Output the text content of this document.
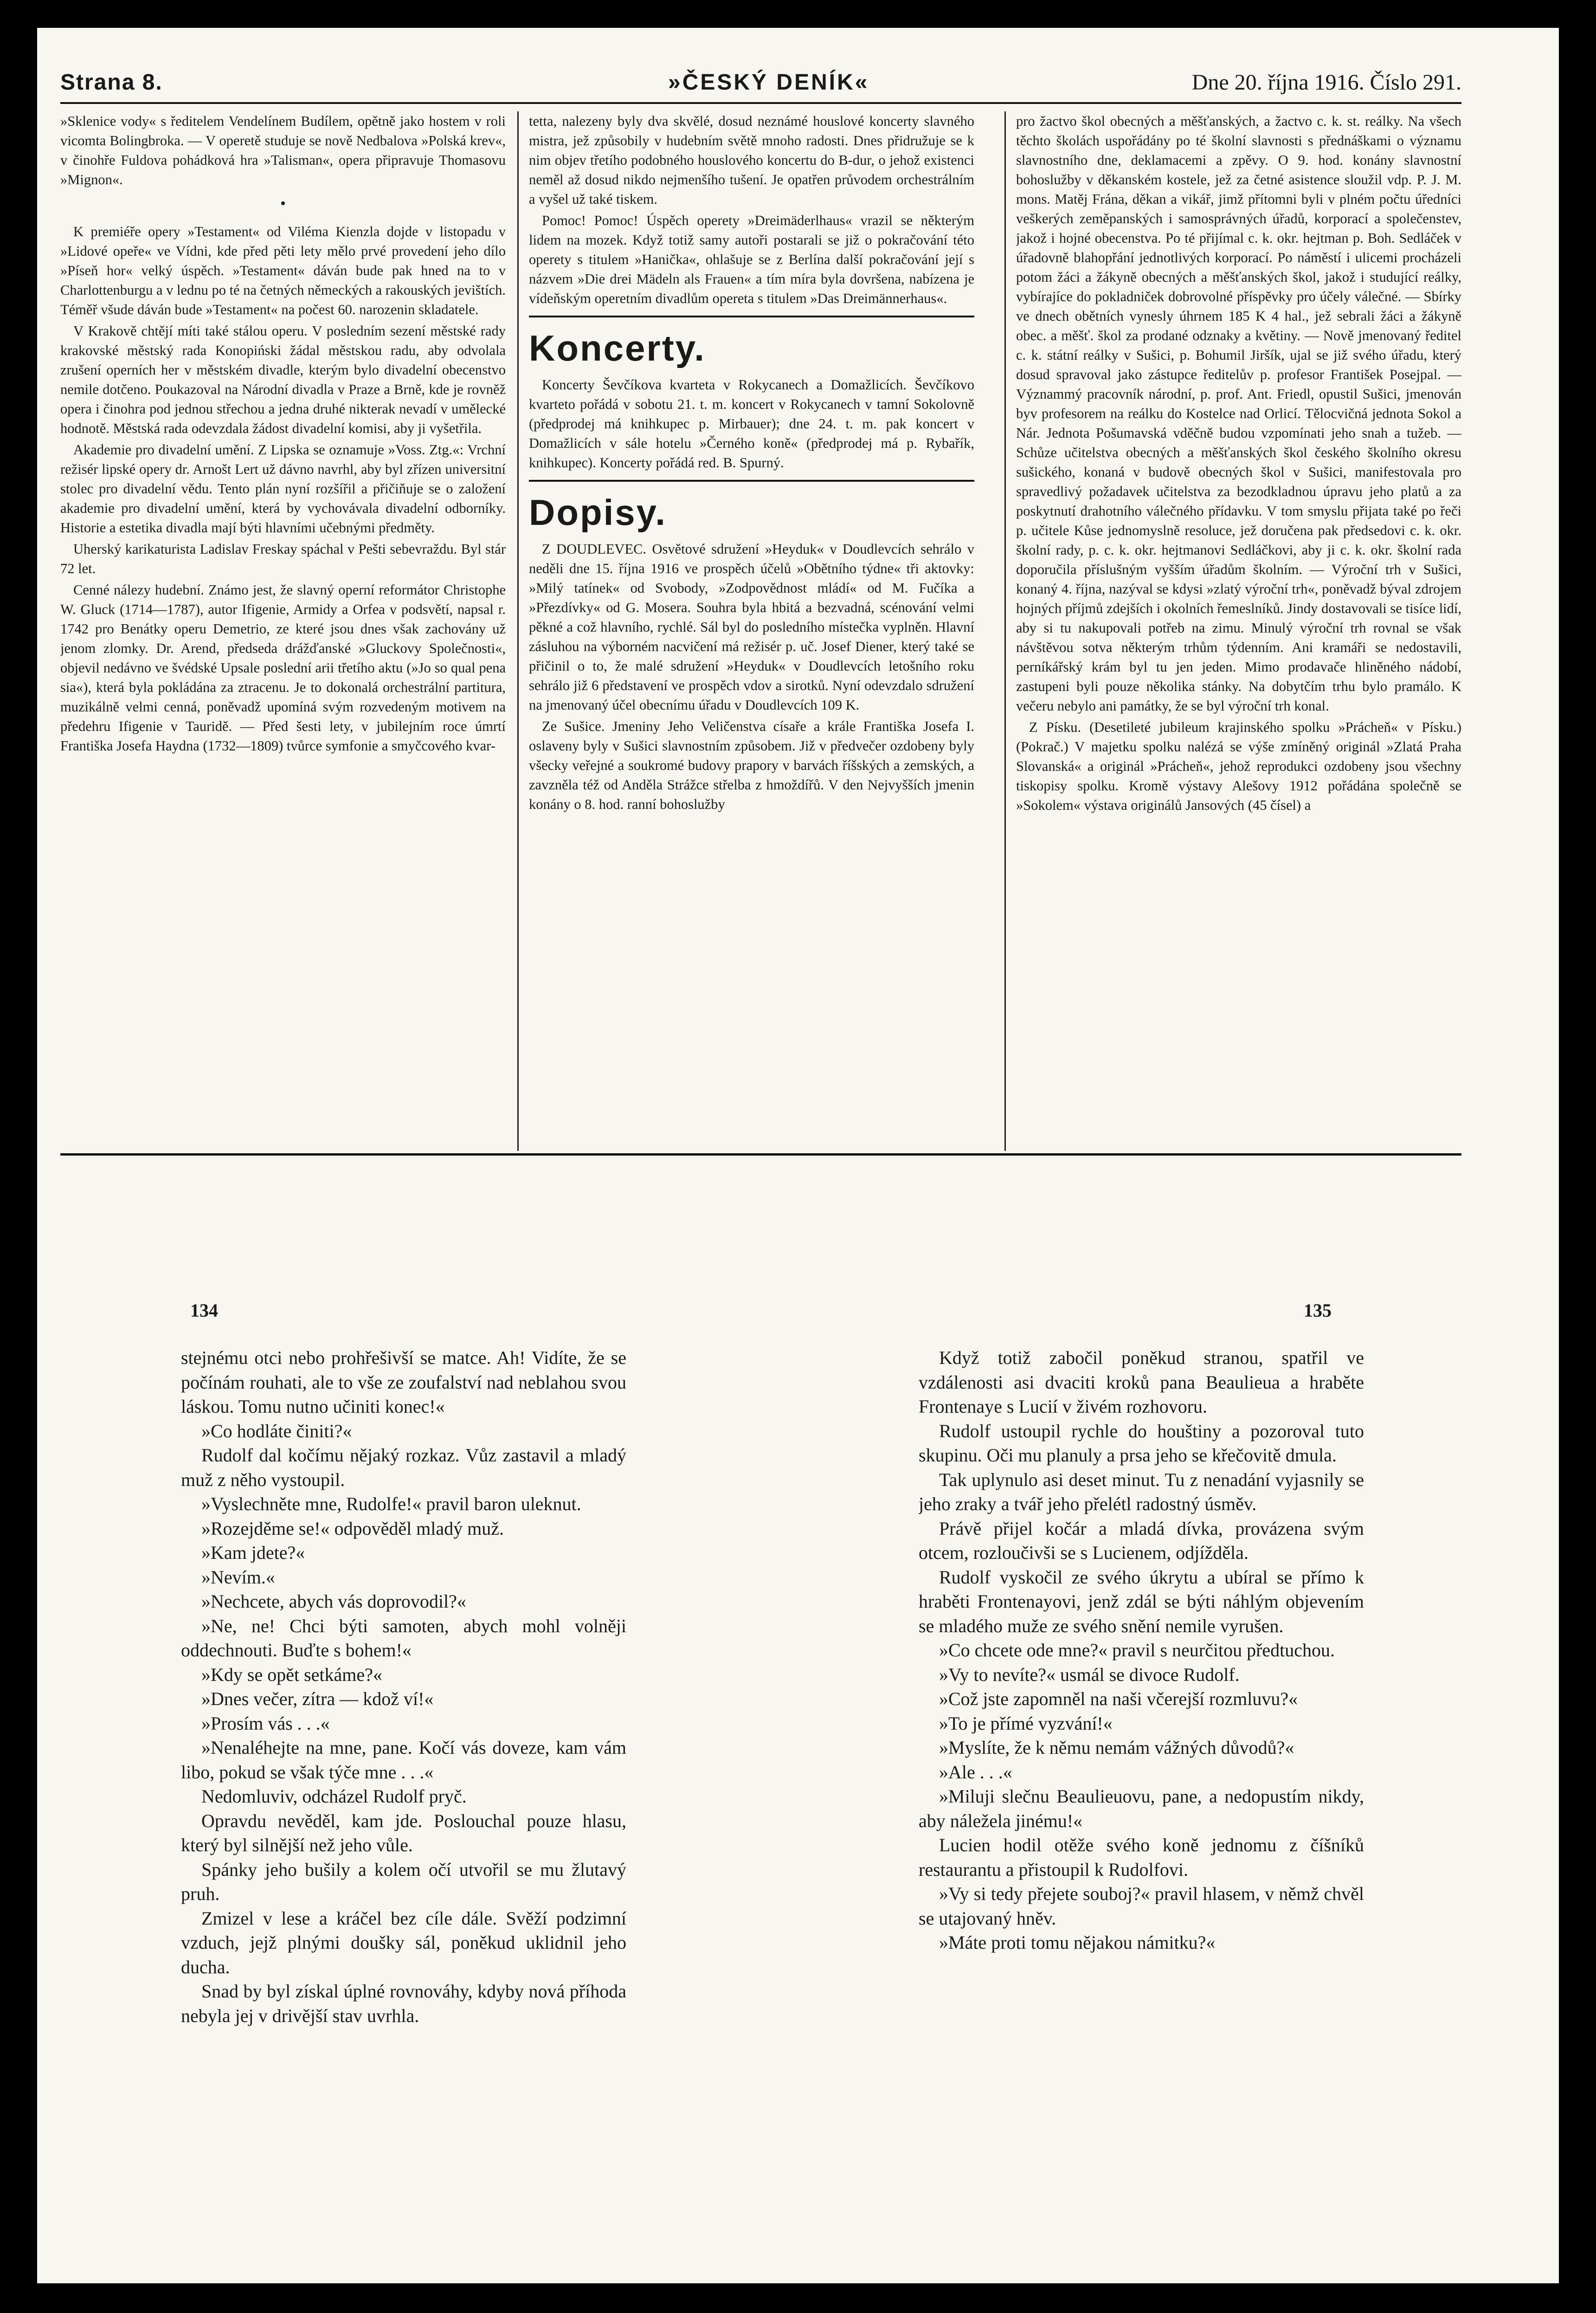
Strana 8.	»ČESKÝ DENÍK«	Dne 20. října 1916. Číslo 291.

»Sklenice vody« s ředitelem Vendelínem Budílem, opětně jako hostem v roli vicomta Bolingbroka. — V operetě studuje se nově Nedbalova »Polská krev«, v činohře Fuldova pohádková hra »Talisman«, opera připravuje Thomasovu »Mignon«.

•

K premiéře opery »Testament« od Viléma Kienzla dojde v listopadu v »Lidové opeře« ve Vídni, kde před pěti lety mělo prvé provedení jeho dílo »Píseň hor« velký úspěch. »Testament« dáván bude pak hned na to v Charlottenburgu a v lednu po té na četných německých a rakouských jevištích. Téměř všude dáván bude »Testament« na počest 60. narozenin skladatele.

V Krakově chtějí míti také stálou operu. V posledním sezení městské rady krakovské městský rada Konopiński žádal městskou radu, aby odvolala zrušení operních her v městském divadle, kterým bylo divadelní obecenstvo nemile dotčeno. Poukazoval na Národní divadla v Praze a Brně, kde je rovněž opera i činohra pod jednou střechou a jedna druhé nikterak nevadí v umělecké hodnotě. Městská rada odevzdala žádost divadelní komisi, aby ji vyšetřila.

Akademie pro divadelní umění. Z Lipska se oznamuje »Voss. Ztg.«: Vrchní režisér lipské opery dr. Arnošt Lert už dávno navrhl, aby byl zřízen universitní stolec pro divadelní vědu. Tento plán nyní rozšířil a přičiňuje se o založení akademie pro divadelní umění, která by vychovávala divadelní odborníky. Historie a estetika divadla mají býti hlavními učebnými předměty.

Uherský karikaturista Ladislav Freskay spáchal v Pešti sebevraždu. Byl stár 72 let.

Cenné nálezy hudební. Známo jest, že slavný operní reformátor Christophe W. Gluck (1714—1787), autor Ifigenie, Armidy a Orfea v podsvětí, napsal r. 1742 pro Benátky operu Demetrio, ze které jsou dnes však zachovány už jenom zlomky. Dr. Arend, předseda drážďanské »Gluckovy Společnosti«, objevil nedávno ve švédské Upsale poslední arii třetího aktu (»Jo so qual pena sia«), která byla pokládána za ztracenu. Je to dokonalá orchestrální partitura, muzikálně velmi cenná, poněvadž upomíná svým rozvedeným motivem na předehru Ifigenie v Tauridě. — Před šesti lety, v jubilejním roce úmrtí Františka Josefa Haydna (1732—1809) tvůrce symfonie a smyčcového kvar-

tetta, nalezeny byly dva skvělé, dosud neznámé houslové koncerty slavného mistra, jež způsobily v hudebním světě mnoho radosti. Dnes přidružuje se k nim objev třetího podobného houslového koncertu do B-dur, o jehož existenci neměl až dosud nikdo nejmenšího tušení. Je opatřen průvodem orchestrálním a vyšel už také tiskem.

Pomoc! Pomoc! Úspěch operety »Dreimäderlhaus« vrazil se některým lidem na mozek. Když totiž samy autoři postarali se již o pokračování této operety s titulem »Hanička«, ohlašuje se z Berlína další pokračování její s názvem »Die drei Mädeln als Frauen« a tím míra byla dovršena, nabízena je vídeňským operetním divadlům opereta s titulem »Das Dreimännerhaus«.

Koncerty.

Koncerty Ševčíkova kvarteta v Rokycanech a Domažlicích. Ševčíkovo kvarteto pořádá v sobotu 21. t. m. koncert v Rokycanech v tamní Sokolovně (předprodej má knihkupec p. Mirbauer); dne 24. t. m. pak koncert v Domažlicích v sále hotelu »Černého koně« (předprodej má p. Rybařík, knihkupec). Koncerty pořádá red. B. Spurný.

Dopisy.

Z DOUDLEVEC. Osvětové sdružení »Heyduk« v Doudlevcích sehrálo v neděli dne 15. října 1916 ve prospěch účelů »Obětního týdne« tři aktovky: »Milý tatínek« od Svobody, »Zodpovědnost mládí« od M. Fučíka a »Přezdívky« od G. Mosera. Souhra byla hbitá a bezvadná, scénování velmi pěkné a což hlavního, rychlé. Sál byl do posledního místečka vyplněn. Hlavní zásluhou na výborném nacvičení má režisér p. uč. Josef Diener, který také se přičinil o to, že malé sdružení »Heyduk« v Doudlevcích letošního roku sehrálo již 6 představení ve prospěch vdov a sirotků. Nyní odevzdalo sdružení na jmenovaný účel obecnímu úřadu v Doudlevcích 109 K.

Ze Sušice. Jmeniny Jeho Veličenstva císaře a krále Františka Josefa I. oslaveny byly v Sušici slavnostním způsobem. Již v předvečer ozdobeny byly všecky veřejné a soukromé budovy prapory v barvách říšských a zemských, a zavzněla též od Anděla Strážce střelba z hmoždířů. V den Nejvyšších jmenin konány o 8. hod. ranní bohoslužby

pro žactvo škol obecných a měšťanských, a žactvo c. k. st. reálky. Na všech těchto školách uspořádány po té školní slavnosti s přednáškami o významu slavnostního dne, deklamacemi a zpěvy. O 9. hod. konány slavnostní bohoslužby v děkanském kostele, jež za četné asistence sloužil vdp. P. J. M. mons. Matěj Frána, děkan a vikář, jimž přítomni byli v plném počtu úředníci veškerých zeměpanských i samosprávných úřadů, korporací a společenstev, jakož i hojné obecenstva. Po té přijímal c. k. okr. hejtman p. Boh. Sedláček v úřadovně blahopřání jednotlivých korporací. Po náměstí i ulicemi procházeli potom žáci a žákyně obecných a měšťanských škol, jakož i studující reálky, vybírajíce do pokladniček dobrovolné příspěvky pro účely válečné. — Sbírky ve dnech obětních vynesly úhrnem 185 K 4 hal., jež sebrali žáci a žákyně obec. a měšť. škol za prodané odznaky a květiny. — Nově jmenovaný ředitel c. k. státní reálky v Sušici, p. Bohumil Jiršík, ujal se již svého úřadu, který dosud spravoval jako zástupce ředitelův p. profesor František Posejpal. — Význammý pracovník národní, p. prof. Ant. Friedl, opustil Sušici, jmenován byv profesorem na reálku do Kostelce nad Orlicí. Tělocvičná jednota Sokol a Nár. Jednota Pošumavská vděčně budou vzpomínati jeho snah a tužeb. — Schůze učitelstva obecných a měšťanských škol českého školního okresu sušického, konaná v budově obecných škol v Sušici, manifestovala pro spravedlivý požadavek učitelstva za bezodkladnou úpravu jeho platů a za poskytnutí drahotního válečného přídavku. V tom smyslu přijata také po řeči p. učitele Kůse jednomyslně resoluce, jež doručena pak předsedovi c. k. okr. školní rady, p. c. k. okr. hejtmanovi Sedláčkovi, aby ji c. k. okr. školní rada doporučila příslušným vyšším úřadům školním. — Výroční trh v Sušici, konaný 4. října, nazýval se kdysi »zlatý výroční trh«, poněvadž býval zdrojem hojných příjmů zdejších i okolních řemeslníků. Jindy dostavovali se tisíce lidí, aby si tu nakupovali potřeb na zimu. Minulý výroční trh rovnal se však návštěvou sotva některým trhům týdenním. Ani kramáři se nedostavili, perníkářský krám byl tu jen jeden. Mimo prodavače hliněného nádobí, zastupeni byli pouze několika stánky. Na dobytčím trhu bylo pramálo. K večeru nebylo ani památky, že se byl výroční trh konal.

Z Písku. (Desetileté jubileum krajinského spolku »Prácheň« v Písku.) (Pokrač.) V majetku spolku nalézá se výše zmíněný originál »Zlatá Praha Slovanská« a originál »Prácheň«, jehož reprodukci ozdobeny jsou všechny tiskopisy spolku. Kromě výstavy Alešovy 1912 pořádána společně se »Sokolem« výstava originálů Jansových (45 čísel) a

134	135

stejnému otci nebo prohřešivší se matce. Ah! Vidíte, že se počínám rouhati, ale to vše ze zoufalství nad neblahou svou láskou. Tomu nutno učiniti konec!«

»Co hodláte činiti?«

Rudolf dal kočímu nějaký rozkaz. Vůz zastavil a mladý muž z něho vystoupil.

»Vyslechněte mne, Rudolfe!« pravil baron uleknut.

»Rozejděme se!« odpověděl mladý muž.

»Kam jdete?«

»Nevím.«

»Nechcete, abych vás doprovodil?«

»Ne, ne! Chci býti samoten, abych mohl volněji oddechnouti. Buďte s bohem!«

»Kdy se opět setkáme?«

»Dnes večer, zítra — kdož ví!«

»Prosím vás . . .«

»Nenaléhejte na mne, pane. Kočí vás doveze, kam vám libo, pokud se však týče mne . . .«

Nedomluviv, odcházel Rudolf pryč.

Opravdu nevěděl, kam jde. Poslouchal pouze hlasu, který byl silnější než jeho vůle.

Spánky jeho bušily a kolem očí utvořil se mu žlutavý pruh.

Zmizel v lese a kráčel bez cíle dále. Svěží podzimní vzduch, jejž plnými doušky sál, poněkud uklidnil jeho ducha.

Snad by byl získal úplné rovnováhy, kdyby nová příhoda nebyla jej v drivější stav uvrhla.

Když totiž zabočil poněkud stranou, spatřil ve vzdálenosti asi dvaciti kroků pana Beaulieua a hraběte Frontenaye s Lucií v živém rozhovoru.

Rudolf ustoupil rychle do houštiny a pozoroval tuto skupinu. Oči mu planuly a prsa jeho se křečovitě dmula.

Tak uplynulo asi deset minut. Tu z nenadání vyjasnily se jeho zraky a tvář jeho přelétl radostný úsměv.

Právě přijel kočár a mladá dívka, provázena svým otcem, rozloučivši se s Lucienem, odjížděla.

Rudolf vyskočil ze svého úkrytu a ubíral se přímo k hraběti Frontenayovi, jenž zdál se býti náhlým objevením se mladého muže ze svého snění nemile vyrušen.

»Co chcete ode mne?« pravil s neurčitou předtuchou.

»Vy to nevíte?« usmál se divoce Rudolf.

»Což jste zapomněl na naši včerejší rozmluvu?«

»To je přímé vyzvání!«

»Myslíte, že k němu nemám vážných důvodů?«

»Ale . . .«

»Miluji slečnu Beaulieuovu, pane, a nedopustím nikdy, aby náležela jinému!«

Lucien hodil otěže svého koně jednomu z číšníků restaurantu a přistoupil k Rudolfovi.

»Vy si tedy přejete souboj?« pravil hlasem, v němž chvěl se utajovaný hněv.

»Máte proti tomu nějakou námitku?«
